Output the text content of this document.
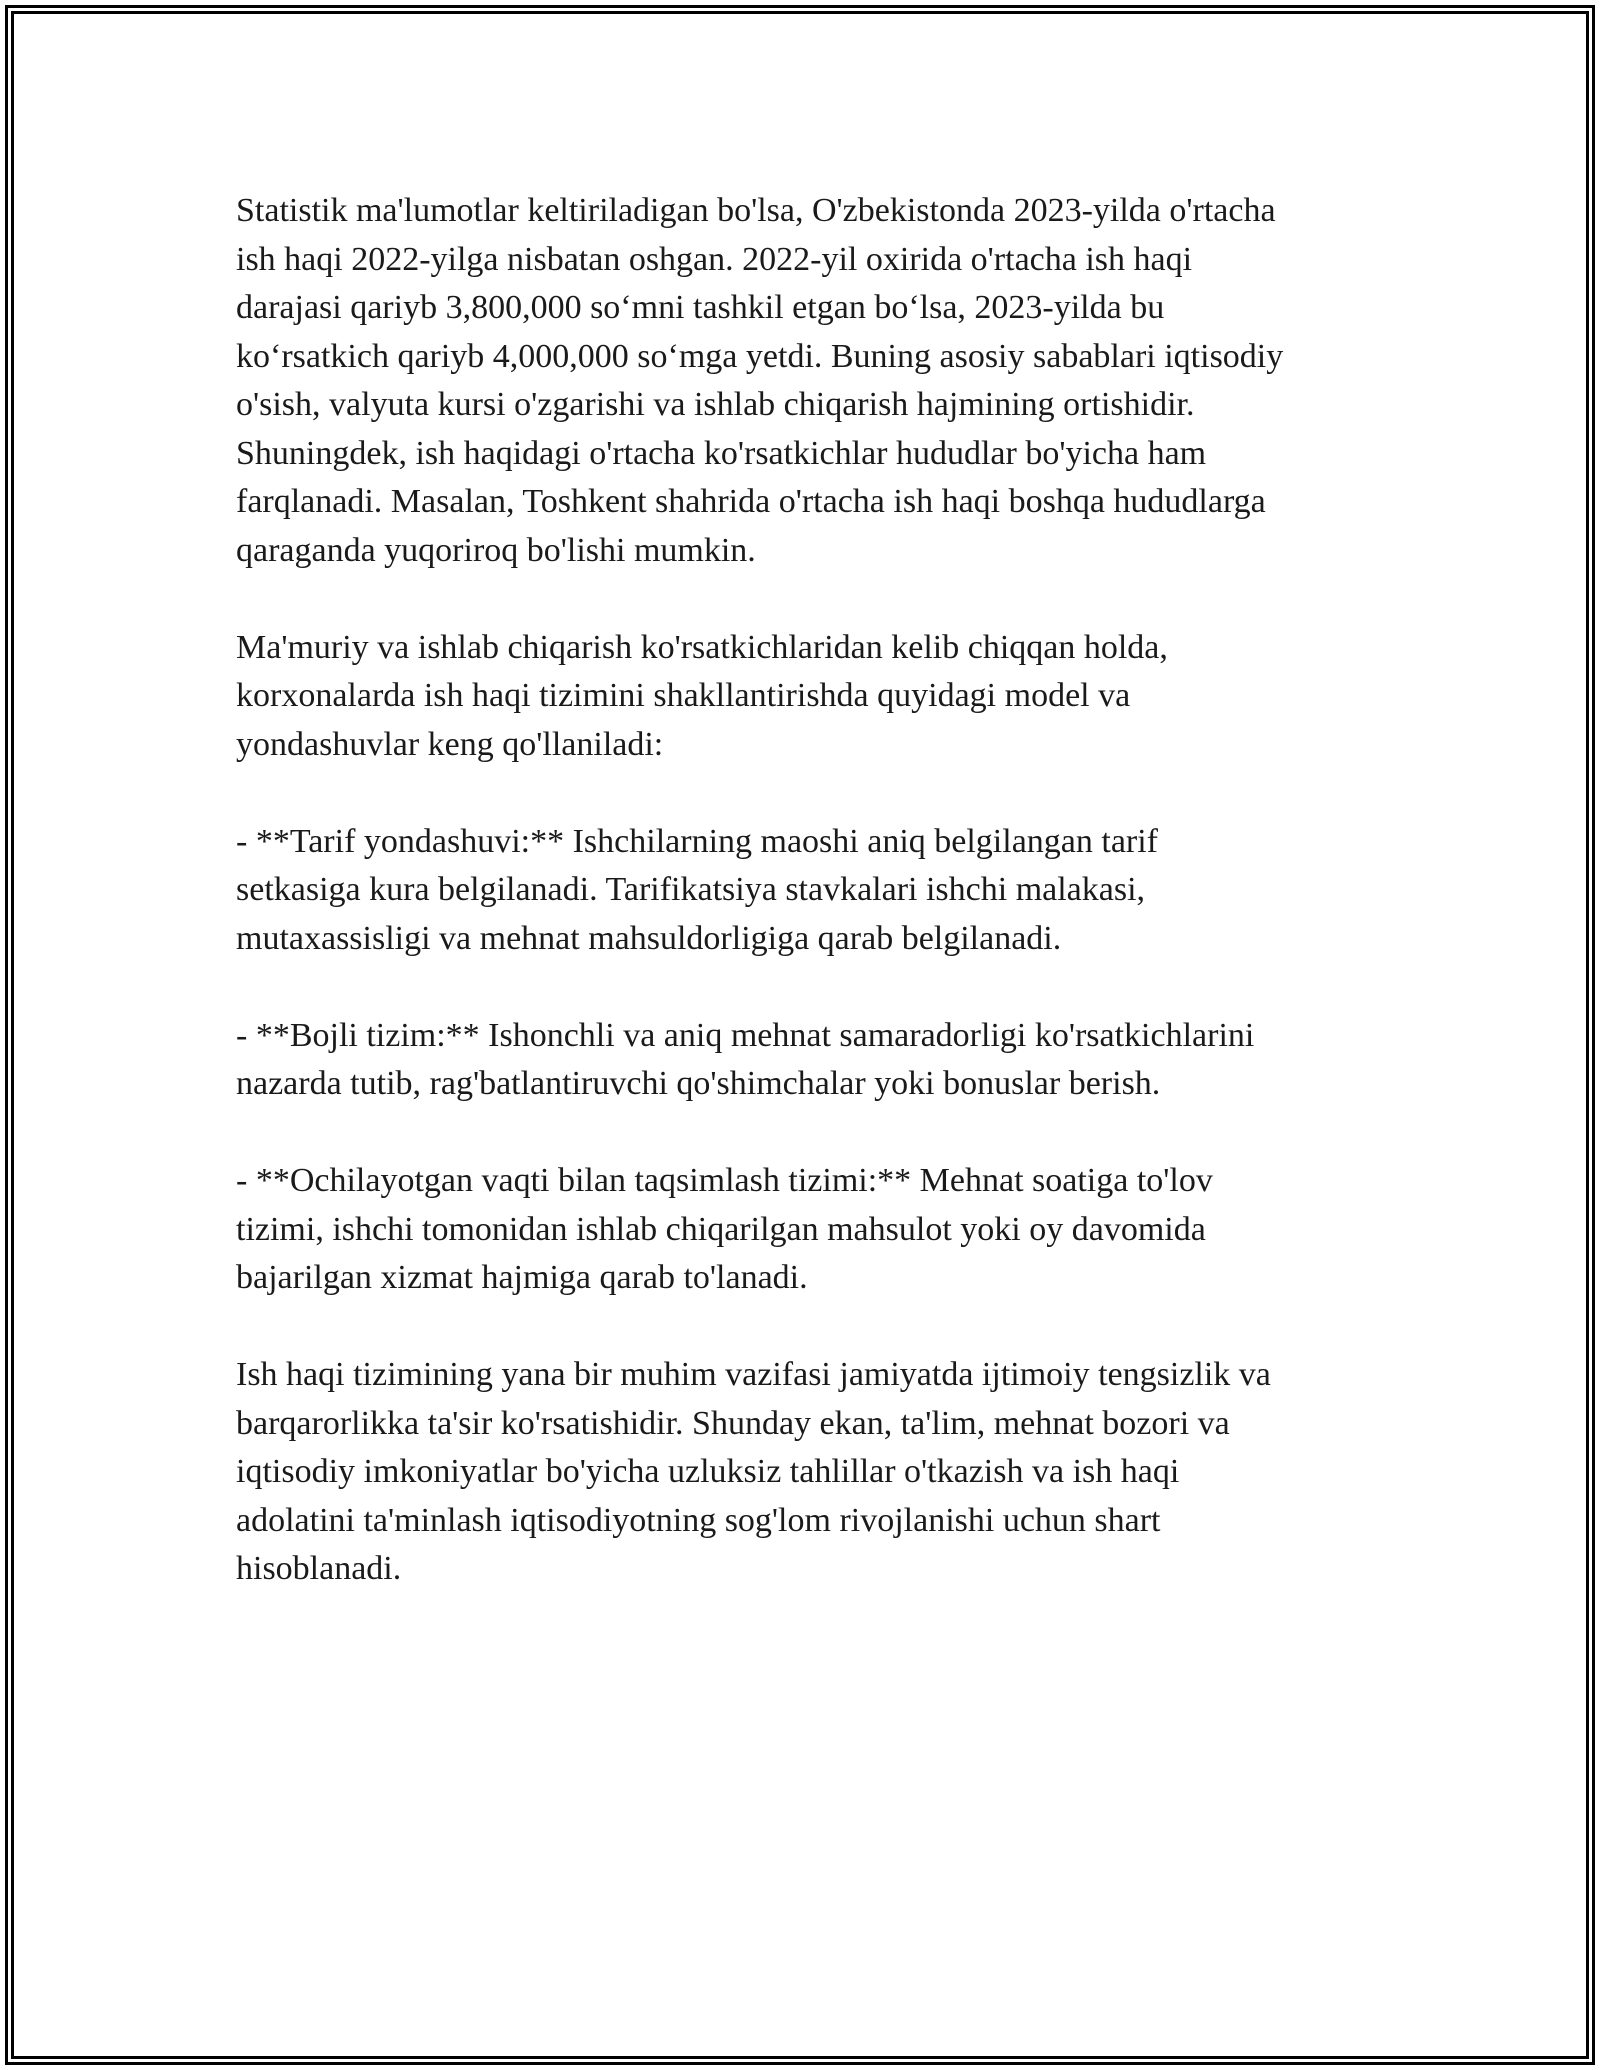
Statistik ma'lumotlar keltiriladigan bo'lsa, O'zbekistonda 2023-yilda o'rtacha
ish haqi 2022-yilga nisbatan oshgan. 2022-yil oxirida o'rtacha ish haqi
darajasi qariyb 3,800,000 so‘mni tashkil etgan bo‘lsa, 2023-yilda bu
ko‘rsatkich qariyb 4,000,000 so‘mga yetdi. Buning asosiy sabablari iqtisodiy
o'sish, valyuta kursi o'zgarishi va ishlab chiqarish hajmining ortishidir.
Shuningdek, ish haqidagi o'rtacha ko'rsatkichlar hududlar bo'yicha ham
farqlanadi. Masalan, Toshkent shahrida o'rtacha ish haqi boshqa hududlarga
qaraganda yuqoriroq bo'lishi mumkin.

Ma'muriy va ishlab chiqarish ko'rsatkichlaridan kelib chiqqan holda,
korxonalarda ish haqi tizimini shakllantirishda quyidagi model va
yondashuvlar keng qo'llaniladi:

- **Tarif yondashuvi:** Ishchilarning maoshi aniq belgilangan tarif
setkasiga kura belgilanadi. Tarifikatsiya stavkalari ishchi malakasi,
mutaxassisligi va mehnat mahsuldorligiga qarab belgilanadi.

- **Bojli tizim:** Ishonchli va aniq mehnat samaradorligi ko'rsatkichlarini
nazarda tutib, rag'batlantiruvchi qo'shimchalar yoki bonuslar berish.

- **Ochilayotgan vaqti bilan taqsimlash tizimi:** Mehnat soatiga to'lov
tizimi, ishchi tomonidan ishlab chiqarilgan mahsulot yoki oy davomida
bajarilgan xizmat hajmiga qarab to'lanadi.

Ish haqi tizimining yana bir muhim vazifasi jamiyatda ijtimoiy tengsizlik va
barqarorlikka ta'sir ko'rsatishidir. Shunday ekan, ta'lim, mehnat bozori va
iqtisodiy imkoniyatlar bo'yicha uzluksiz tahlillar o'tkazish va ish haqi
adolatini ta'minlash iqtisodiyotning sog'lom rivojlanishi uchun shart
hisoblanadi.
